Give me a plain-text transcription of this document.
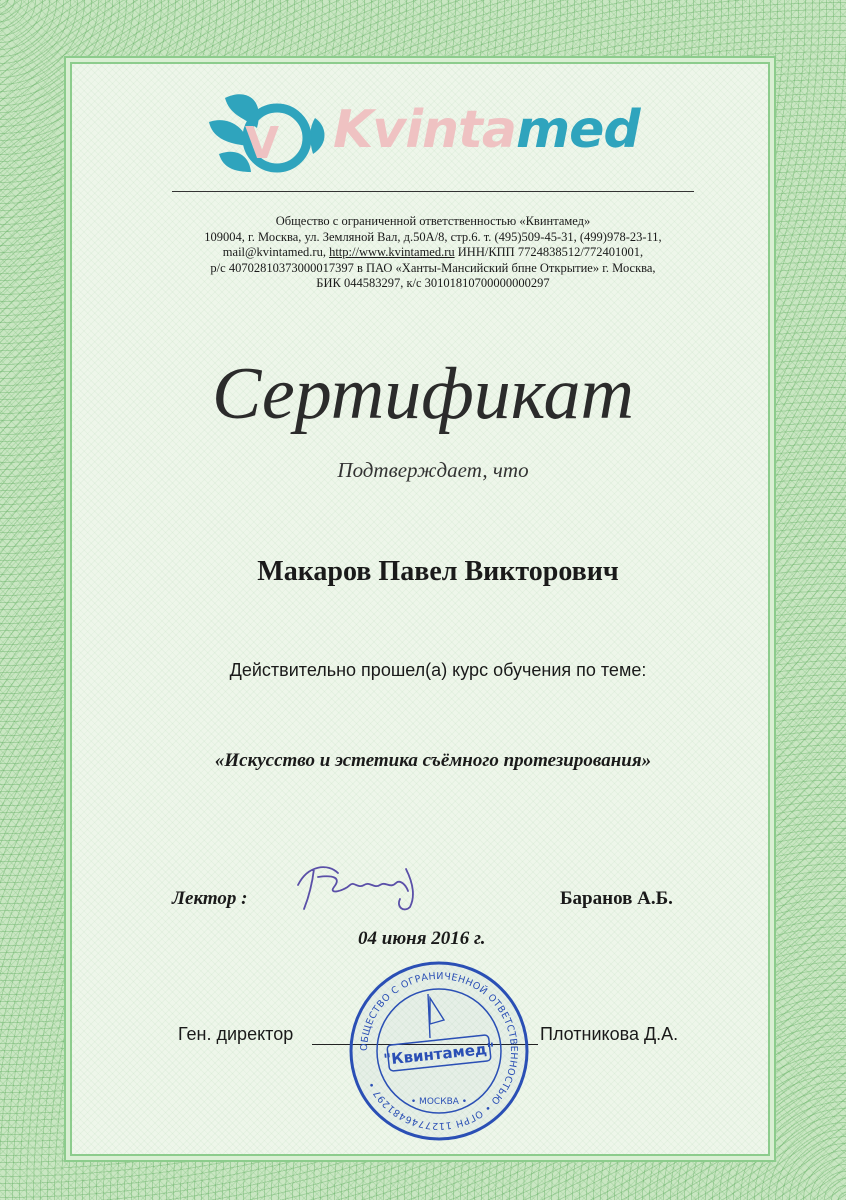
V Kvintamed
Общество с ограниченной ответственностью «Квинтамед»
109004, г. Москва, ул. Земляной Вал, д.50А/8, стр.6. т. (495)509-45-31, (499)978-23-11,
mail@kvintamed.ru, http://www.kvintamed.ru ИНН/КПП 7724838512/772401001,
р/с 40702810373000017397 в ПАО «Ханты-Мансийский бпне Открытие» г. Москва,
БИК 044583297, к/с 30101810700000000297
Сертификат
Подтверждает, что
Макаров Павел Викторович
Действительно прошел(а) курс обучения по теме:
«Искусство и эстетика съёмного протезирования»
Лектор :	Баранов А.Б.
04 июня 2016 г.
Ген. директор	Плотникова Д.А.
ОБЩЕСТВО С ОГРАНИЧЕННОЙ ОТВЕТСТВЕННОСТЬЮ • ОГРН 1127746481297 •
"Квинтамед"
• МОСКВА •
